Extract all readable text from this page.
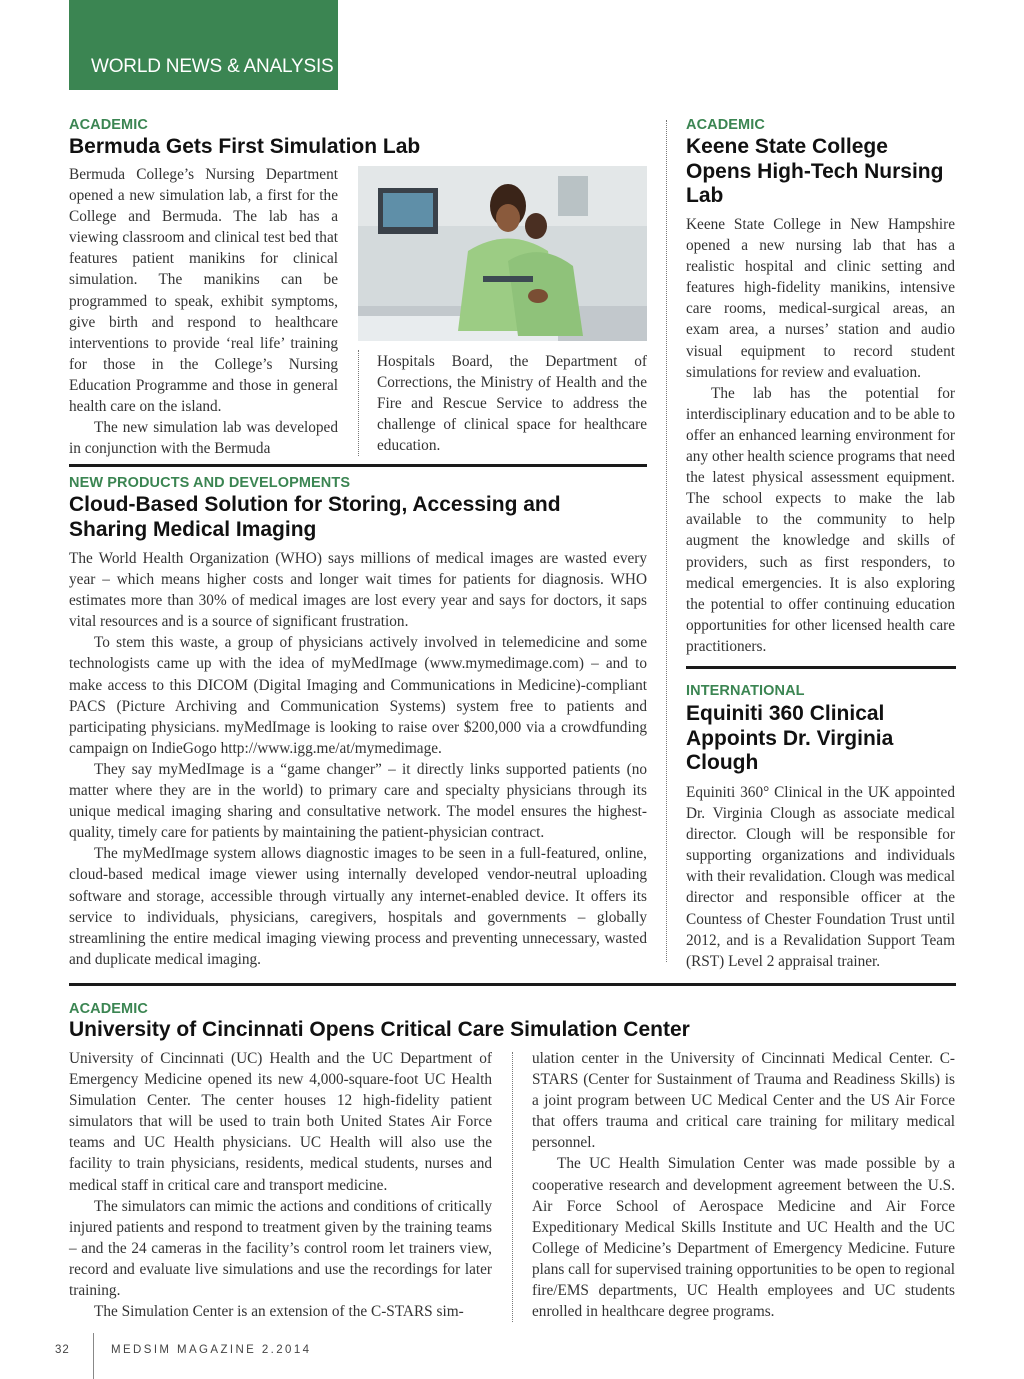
WORLD NEWS & ANALYSIS
ACADEMIC
Bermuda Gets First Simulation Lab

Bermuda College’s Nursing Department opened a new simulation lab, a first for the College and Bermuda. The lab has a viewing classroom and clinical test bed that features patient manikins for clinical simulation. The manikins can be programmed to speak, exhibit symptoms, give birth and respond to healthcare interventions to provide ‘real life’ training for those in the College’s Nursing Education Programme and those in general health care on the island.

The new simulation lab was developed in conjunction with the Bermuda

Hospitals Board, the Department of Corrections, the Ministry of Health and the Fire and Rescue Service to address the challenge of clinical space for healthcare education.

NEW PRODUCTS AND DEVELOPMENTS
Cloud-Based Solution for Storing, Accessing and Sharing Medical Imaging

The World Health Organization (WHO) says millions of medical images are wasted every year – which means higher costs and longer wait times for patients for diagnosis. WHO estimates more than 30% of medical images are lost every year and says for doctors, it saps vital resources and is a source of significant frustration.

To stem this waste, a group of physicians actively involved in telemedicine and some technologists came up with the idea of myMedImage (www.mymedimage.com) – and to make access to this DICOM (Digital Imaging and Communications in Medicine)-compliant PACS (Picture Archiving and Communication Systems) system free to patients and participating physicians. myMedImage is looking to raise over $200,000 via a crowdfunding campaign on IndieGogo http://www.igg.me/at/mymedimage.

They say myMedImage is a “game changer” – it directly links supported patients (no matter where they are in the world) to primary care and specialty physicians through its unique medical imaging sharing and consultative network. The model ensures the highest-quality, timely care for patients by maintaining the patient-physician contract.

The myMedImage system allows diagnostic images to be seen in a full-featured, online, cloud-based medical image viewer using internally developed vendor-neutral uploading software and storage, accessible through virtually any internet-enabled device. It offers its service to individuals, physicians, caregivers, hospitals and governments – globally streamlining the entire medical imaging viewing process and preventing unnecessary, wasted and duplicate medical imaging.

ACADEMIC
Keene State College Opens High-Tech Nursing Lab

Keene State College in New Hampshire opened a new nursing lab that has a realistic hospital and clinic setting and features high-fidelity manikins, intensive care rooms, medical-surgical areas, an exam area, a nurses’ station and audio visual equipment to record student simulations for review and evaluation.

The lab has the potential for interdisciplinary education and to be able to offer an enhanced learning environment for any other health science programs that need the latest physical assessment equipment. The school expects to make the lab available to the community to help augment the knowledge and skills of providers, such as first responders, to medical emergencies. It is also exploring the potential to offer continuing education opportunities for other licensed health care practitioners.

INTERNATIONAL
Equiniti 360 Clinical Appoints Dr. Virginia Clough

Equiniti 360° Clinical in the UK appointed Dr. Virginia Clough as associate medical director. Clough will be responsible for supporting organizations and individuals with their revalidation. Clough was medical director and responsible officer at the Countess of Chester Foundation Trust until 2012, and is a Revalidation Support Team (RST) Level 2 appraisal trainer.

ACADEMIC
University of Cincinnati Opens Critical Care Simulation Center

University of Cincinnati (UC) Health and the UC Department of Emergency Medicine opened its new 4,000-square-foot UC Health Simulation Center. The center houses 12 high-fidelity patient simulators that will be used to train both United States Air Force teams and UC Health physicians. UC Health will also use the facility to train physicians, residents, medical students, nurses and medical staff in critical care and transport medicine.

The simulators can mimic the actions and conditions of critically injured patients and respond to treatment given by the training teams – and the 24 cameras in the facility’s control room let trainers view, record and evaluate live simulations and use the recordings for later training.

The Simulation Center is an extension of the C-STARS sim-

ulation center in the University of Cincinnati Medical Center. C-STARS (Center for Sustainment of Trauma and Readiness Skills) is a joint program between UC Medical Center and the US Air Force that offers trauma and critical care training for military medical personnel.

The UC Health Simulation Center was made possible by a cooperative research and development agreement between the U.S. Air Force School of Aerospace Medicine and Air Force Expeditionary Medical Skills Institute and UC Health and the UC College of Medicine’s Department of Emergency Medicine. Future plans call for supervised training opportunities to be open to regional fire/EMS departments, UC Health employees and UC students enrolled in healthcare degree programs.

32	MEDSIM MAGAZINE 2.2014
